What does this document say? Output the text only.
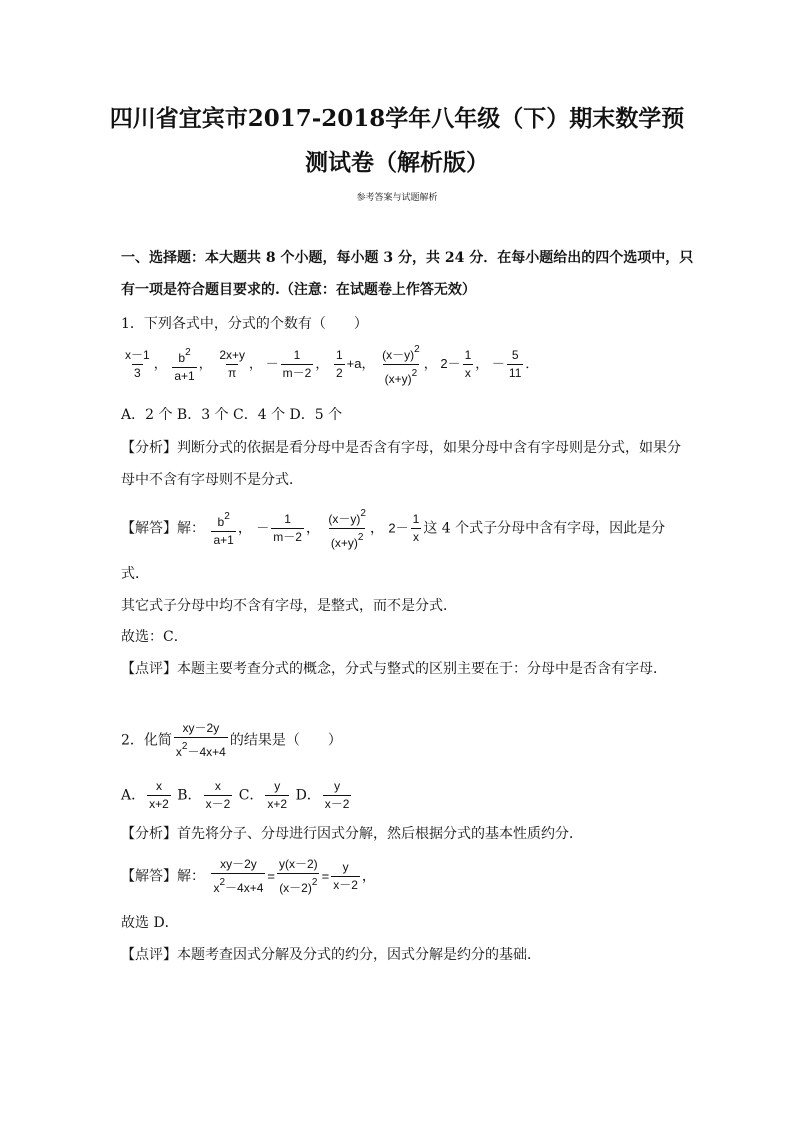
四川省宜宾市2017-2018学年八年级（下）期末数学预
测试卷（解析版）
参考答案与试题解析
一、选择题：本大题共 8 个小题，每小题 3 分，共 24 分．在每小题给出的四个选项中，只
有一项是符合题目要求的.（注意：在试题卷上作答无效）
1．下列各式中，分式的个数有（　　）
$\frac{x-1}{3}$ ， $\frac{b^2}{a+1}$ ， $\frac{2x+y}{\pi}$ ， － $\frac{1}{m-2}$ ， $\frac{1}{2} +a$， $\frac{(x-y)^2}{(x+y)^2}$ ， $2- \frac{1}{x}$ ， － $\frac{5}{11}$ ．
A．2 个 B．3 个 C．4 个 D．5 个
【分析】判断分式的依据是看分母中是否含有字母，如果分母中含有字母则是分式，如果分
母中不含有字母则不是分式．
【解答】解： $\frac{b^2}{a+1}$ ， － $\frac{1}{m-2}$ ， $\frac{(x-y)^2}{(x+y)^2}$ ， $2- \frac{1}{x}$ 这 4 个式子分母中含有字母，因此是分
式．
其它式子分母中均不含有字母，是整式，而不是分式．
故选：C．
【点评】本题主要考查分式的概念，分式与整式的区别主要在于：分母中是否含有字母．
2．化简 $\frac{xy-2y}{x^2-4x+4}$ 的结果是（　　）
A． $\frac{x}{x+2}$ B． $\frac{x}{x-2}$ C． $\frac{y}{x+2}$ D． $\frac{y}{x-2}$
【分析】首先将分子、分母进行因式分解，然后根据分式的基本性质约分．
【解答】解： $\frac{xy-2y}{x^2-4x+4} = \frac{y(x-2)}{(x-2)^2} = \frac{y}{x-2}$ ，
故选 D．
【点评】本题考查因式分解及分式的约分，因式分解是约分的基础．
